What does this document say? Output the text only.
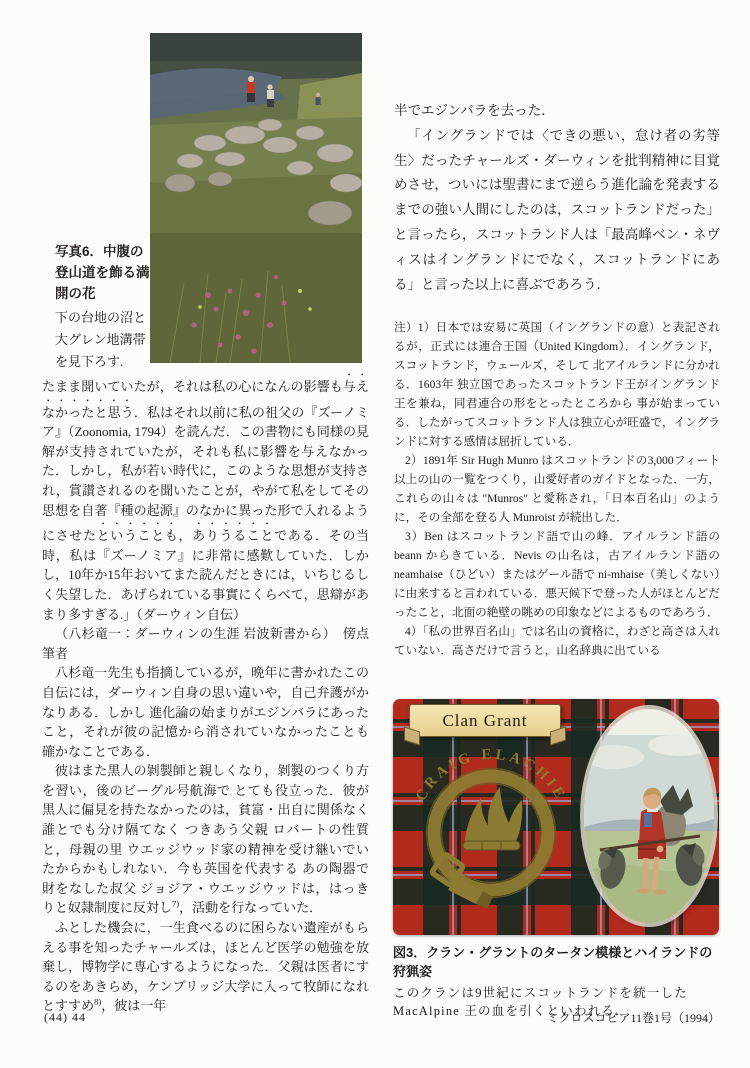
写真6．中腹の登山道を飾る満開の花
下の台地の沼と大グレン地溝帯を見下ろす.

たまま聞いていたが，それは私の心になんの影響も与えなかったと思う．私はそれ以前に私の祖父の『ズーノミア』（Zoonomia, 1794）を読んだ．この書物にも同様の見解が支持されていたが，それも私に影響を与えなかった．しかし，私が若い時代に，このような思想が支持され，賞讃されるのを聞いたことが，やがて私をしてその思想を自著『種の起源』のなかに異った形で入れるようにさせたということも，ありうることである．その当時，私は『ズーノミア』に非常に感歎していた．しかし，10年か15年おいてまた読んだときには，いちじるしく失望した．あげられている事實にくらべて，思辯があまり多すぎる.」（ダーウィン自伝）

（八杉竜一：ダーウィンの生涯 岩波新書から）　傍点筆者

八杉竜一先生も指摘しているが，晩年に書かれたこの自伝には，ダーウィン自身の思い違いや，自己弁護がかなりある．しかし 進化論の始まりがエジンバラにあったこと，それが彼の記憶から消されていなかったことも 確かなことである．

彼はまた黒人の剝製師と親しくなり，剝製のつくり方を習い，後のビーグル号航海で とても役立った．彼が黒人に偏見を持たなかったのは，貧富・出自に関係なく 誰とでも分け隔てなく つきあう父親 ロバートの性質と，母親の里 ウエッジウッド家の精神を受け継いでいたからかもしれない．今も英国を代表する あの陶器で財をなした叔父 ジョジア・ウエッジウッドは，はっきりと奴隷制度に反対し$^{7)}$，活動を行なっていた．

ふとした機会に，一生食べるのに困らない遺産がもらえる事を知ったチャールズは，ほとんど医学の勉強を放棄し，博物学に専心するようになった．父親は医者にするのをあきらめ，ケンブリッジ大学に入って牧師になれとすすめ$^{8)}$，彼は一年

半でエジンバラを去った．

「イングランドでは〈できの悪い，怠け者の劣等生〉だったチャールズ・ダーウィンを批判精神に目覚めさせ，ついには聖書にまで逆らう進化論を発表するまでの強い人間にしたのは，スコットランドだった」と言ったら，スコットランド人は「最高峰ベン・ネヴィスはイングランドにでなく，スコットランドにある」と言った以上に喜ぶであろう．

注）1）日本では安易に英国（イングランドの意）と表記されるが，正式には連合王国（United Kingdom）．イングランド，スコットランド，ウェールズ，そして 北アイルランドに分かれる．1603年 独立国であったスコットランド王がイングランド王を兼ね，同君連合の形をとったところから 事が始まっている．したがってスコットランド人は独立心が旺盛で，イングランドに対する感情は屈折している．

2）1891年 Sir Hugh Munro はスコットランドの3,000フィート以上の山の一覧をつくり，山愛好者のガイドとなった．一方，これらの山々は "Munros" と愛称され，「日本百名山」のように，その全部を登る人 Munroist が続出した．

3）Ben はスコットランド語で山の峰．アイルランド語の beann からきている．Nevis の山名は，古アイルランド語の neamhaise（ひどい）またはゲール語で ni-mhaise（美しくない）に由来すると言われている．悪天候下で登った人がほとんどだったこと，北面の絶壁の眺めの印象などによるものであろう．

4）「私の世界百名山」では名山の資格に，わざと高さは入れていない．高さだけで言うと，山名辞典に出ている

Clan Grant
CRAIG ELACHIE
図3．クラン・グラントのタータン模様とハイランドの狩猟姿
このクランは9世紀にスコットランドを統一した MacAlpine 王の血を引くといわれる.
(44) 44	ミクロスコピア11巻1号（1994）
